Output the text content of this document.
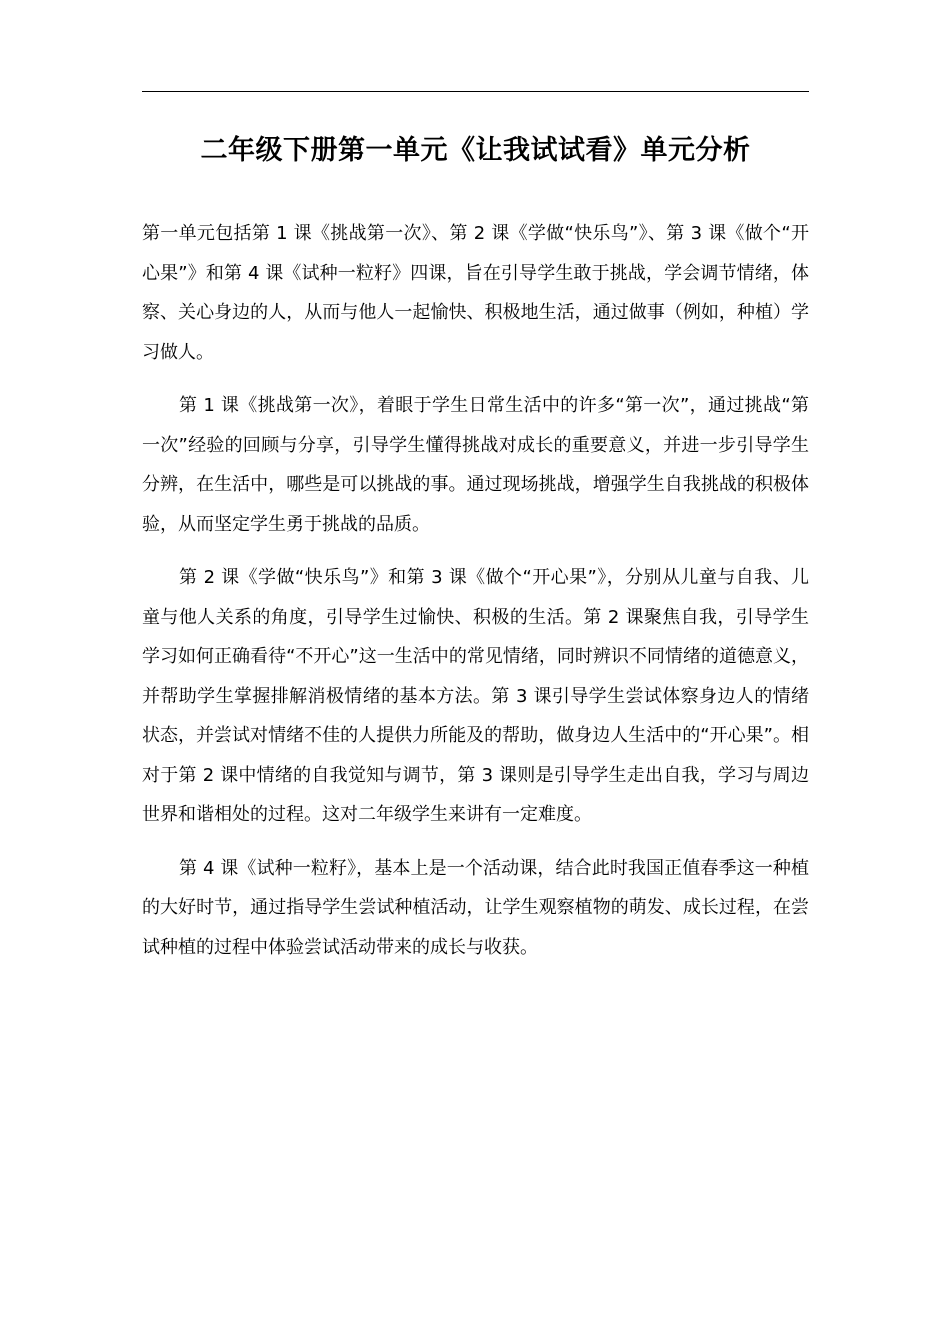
二年级下册第一单元《让我试试看》单元分析

第一单元包括第 1 课《挑战第一次》、第 2 课《学做“快乐鸟”》、第 3 课《做个“开心果”》和第 4 课《试种一粒籽》四课，旨在引导学生敢于挑战，学会调节情绪，体察、关心身边的人，从而与他人一起愉快、积极地生活，通过做事（例如，种植）学习做人。

第 1 课《挑战第一次》，着眼于学生日常生活中的许多“第一次”，通过挑战“第一次”经验的回顾与分享，引导学生懂得挑战对成长的重要意义，并进一步引导学生分辨，在生活中，哪些是可以挑战的事。通过现场挑战，增强学生自我挑战的积极体验，从而坚定学生勇于挑战的品质。

第 2 课《学做“快乐鸟”》和第 3 课《做个“开心果”》，分别从儿童与自我、儿童与他人关系的角度，引导学生过愉快、积极的生活。第 2 课聚焦自我，引导学生学习如何正确看待“不开心”这一生活中的常见情绪，同时辨识不同情绪的道德意义，并帮助学生掌握排解消极情绪的基本方法。第 3 课引导学生尝试体察身边人的情绪状态，并尝试对情绪不佳的人提供力所能及的帮助，做身边人生活中的“开心果”。相对于第 2 课中情绪的自我觉知与调节，第 3 课则是引导学生走出自我，学习与周边世界和谐相处的过程。这对二年级学生来讲有一定难度。

第 4 课《试种一粒籽》，基本上是一个活动课，结合此时我国正值春季这一种植的大好时节，通过指导学生尝试种植活动，让学生观察植物的萌发、成长过程，在尝试种植的过程中体验尝试活动带来的成长与收获。
